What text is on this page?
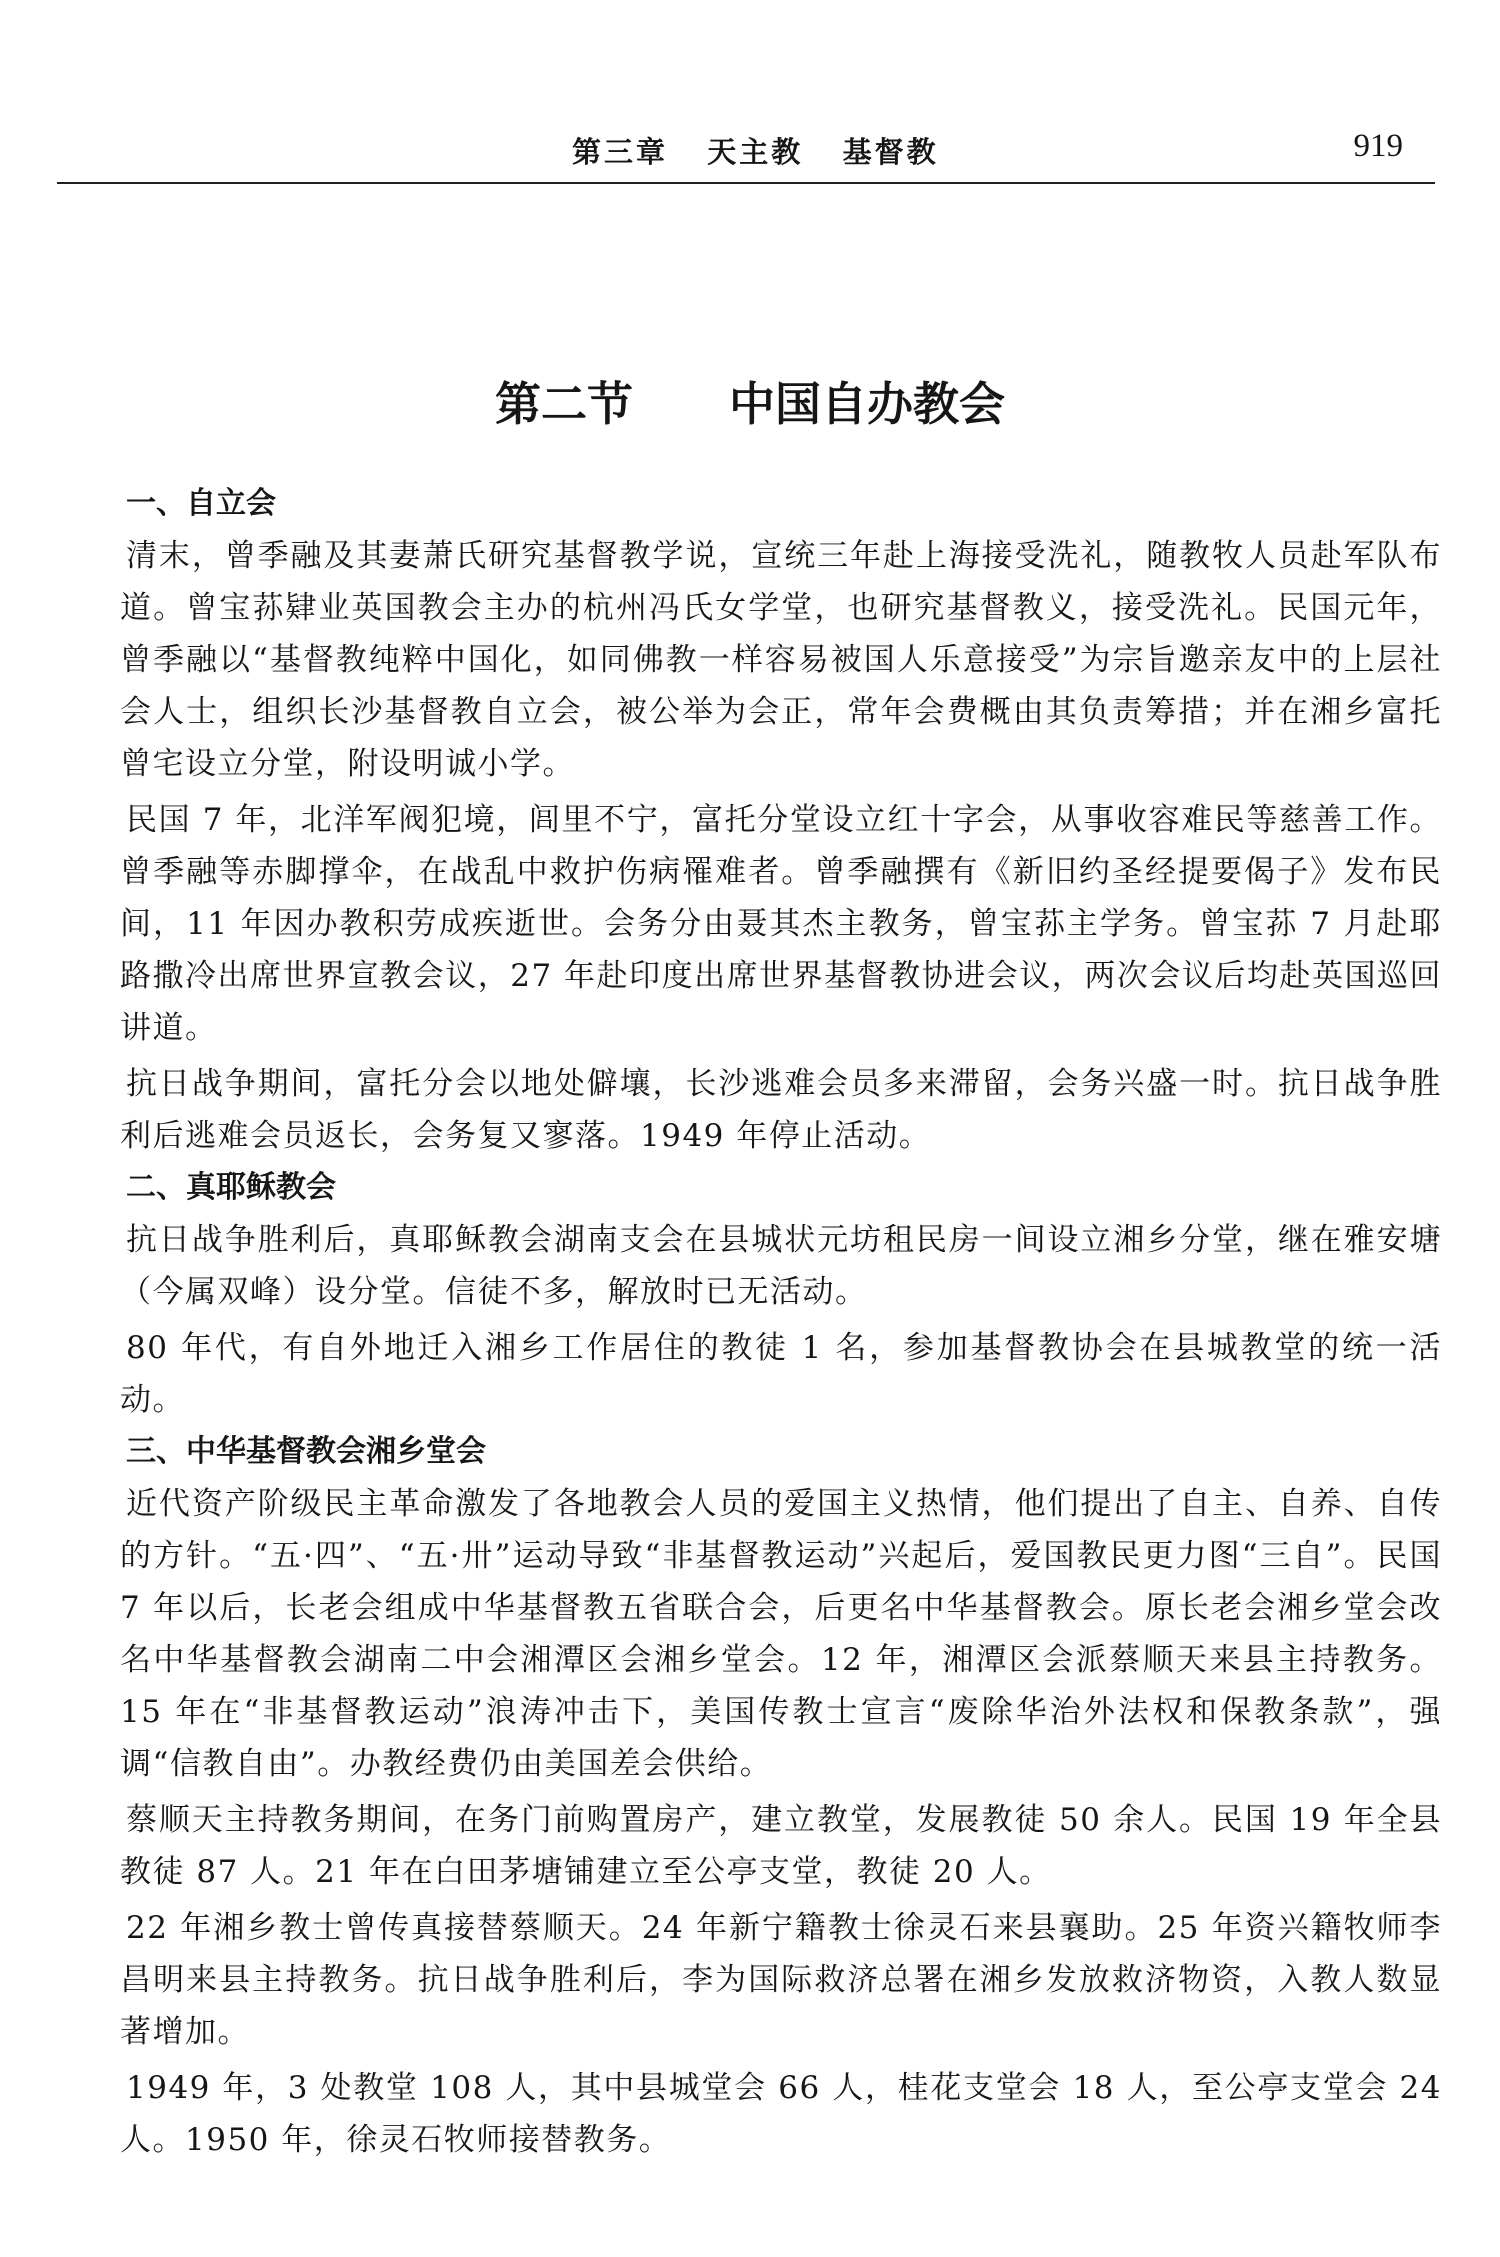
第三章   天主教   基督教	919
第二节      中国自办教会
一、自立会

清末，曾季融及其妻萧氏研究基督教学说，宣统三年赴上海接受洗礼，随教牧人员赴军队布道。曾宝荪肄业英国教会主办的杭州冯氏女学堂，也研究基督教义，接受洗礼。民国元年，曾季融以“基督教纯粹中国化，如同佛教一样容易被国人乐意接受”为宗旨邀亲友中的上层社会人士，组织长沙基督教自立会，被公举为会正，常年会费概由其负责筹措；并在湘乡富托曾宅设立分堂，附设明诚小学。

民国 7 年，北洋军阀犯境，闾里不宁，富托分堂设立红十字会，从事收容难民等慈善工作。曾季融等赤脚撑伞，在战乱中救护伤病罹难者。曾季融撰有《新旧约圣经提要偈子》发布民间，11 年因办教积劳成疾逝世。会务分由聂其杰主教务，曾宝荪主学务。曾宝荪 7 月赴耶路撒冷出席世界宣教会议，27 年赴印度出席世界基督教协进会议，两次会议后均赴英国巡回讲道。

抗日战争期间，富托分会以地处僻壤，长沙逃难会员多来滞留，会务兴盛一时。抗日战争胜利后逃难会员返长，会务复又寥落。1949 年停止活动。

二、真耶稣教会

抗日战争胜利后，真耶稣教会湖南支会在县城状元坊租民房一间设立湘乡分堂，继在雅安塘（今属双峰）设分堂。信徒不多，解放时已无活动。

80 年代，有自外地迁入湘乡工作居住的教徒 1 名，参加基督教协会在县城教堂的统一活动。

三、中华基督教会湘乡堂会

近代资产阶级民主革命激发了各地教会人员的爱国主义热情，他们提出了自主、自养、自传的方针。“五·四”、“五·卅”运动导致“非基督教运动”兴起后，爱国教民更力图“三自”。民国 7 年以后，长老会组成中华基督教五省联合会，后更名中华基督教会。原长老会湘乡堂会改名中华基督教会湖南二中会湘潭区会湘乡堂会。12 年，湘潭区会派蔡顺天来县主持教务。15 年在“非基督教运动”浪涛冲击下，美国传教士宣言“废除华治外法权和保教条款”，强调“信教自由”。办教经费仍由美国差会供给。

蔡顺天主持教务期间，在务门前购置房产，建立教堂，发展教徒 50 余人。民国 19 年全县教徒 87 人。21 年在白田茅塘铺建立至公亭支堂，教徒 20 人。

22 年湘乡教士曾传真接替蔡顺天。24 年新宁籍教士徐灵石来县襄助。25 年资兴籍牧师李昌明来县主持教务。抗日战争胜利后，李为国际救济总署在湘乡发放救济物资，入教人数显著增加。

1949 年，3 处教堂 108 人，其中县城堂会 66 人，桂花支堂会 18 人，至公亭支堂会 24 人。1950 年，徐灵石牧师接替教务。
